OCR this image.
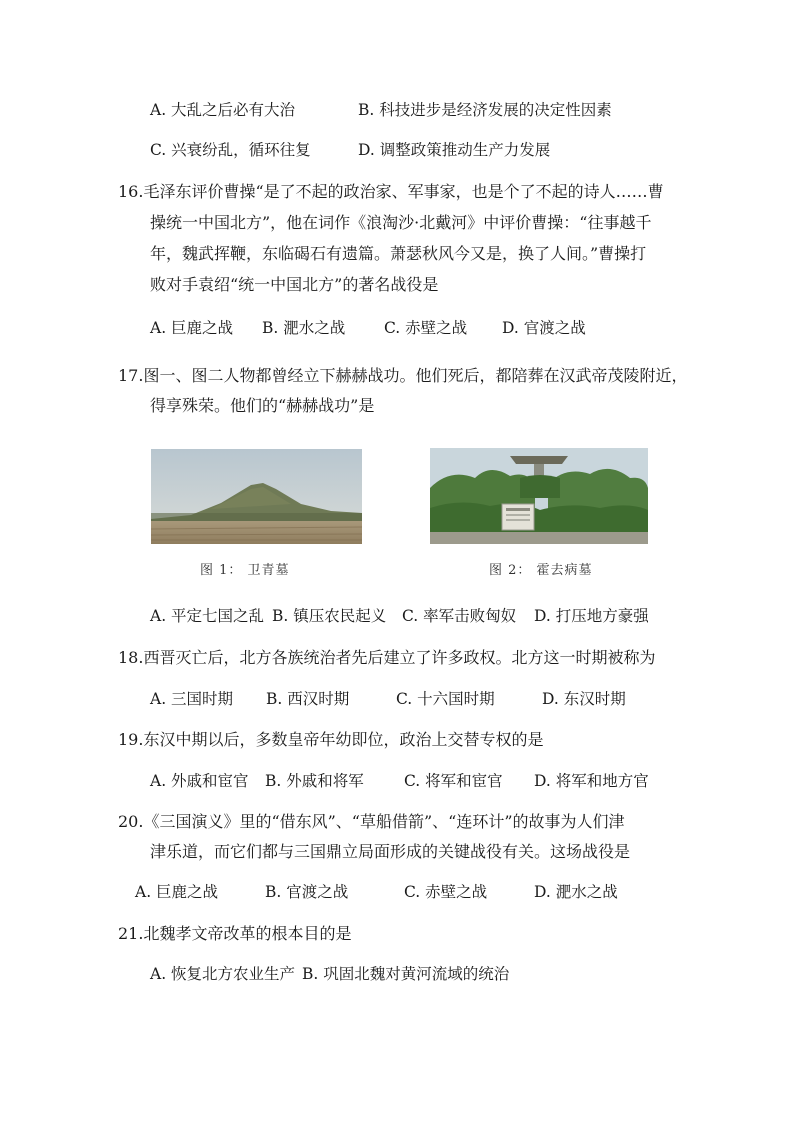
A. 大乱之后必有大治	B. 科技进步是经济发展的决定性因素
C. 兴衰纷乱，循环往复	D. 调整政策推动生产力发展
16.毛泽东评价曹操“是了不起的政治家、军事家，也是个了不起的诗人……曹
操统一中国北方”，他在词作《浪淘沙·北戴河》中评价曹操：“往事越千
年，魏武挥鞭，东临碣石有遗篇。萧瑟秋风今又是，换了人间。”曹操打
败对手袁绍“统一中国北方”的著名战役是
A. 巨鹿之战 B. 淝水之战	C. 赤壁之战 D. 官渡之战
17.图一、图二人物都曾经立下赫赫战功。他们死后，都陪葬在汉武帝茂陵附近，
得享殊荣。他们的“赫赫战功”是
图 1： 卫青墓	图 2： 霍去病墓
A. 平定七国之乱 B. 镇压农民起义 C. 率军击败匈奴 D. 打压地方豪强
18.西晋灭亡后，北方各族统治者先后建立了许多政权。北方这一时期被称为
A. 三国时期 B. 西汉时期	C. 十六国时期	D. 东汉时期
19.东汉中期以后，多数皇帝年幼即位，政治上交替专权的是
A. 外戚和宦官 B. 外戚和将军	C. 将军和宦官 D. 将军和地方官
20.《三国演义》里的“借东风”、“草船借箭”、“连环计”的故事为人们津
津乐道，而它们都与三国鼎立局面形成的关键战役有关。这场战役是
A. 巨鹿之战	B. 官渡之战	C. 赤壁之战	D. 淝水之战
21.北魏孝文帝改革的根本目的是
A. 恢复北方农业生产 B. 巩固北魏对黄河流域的统治
